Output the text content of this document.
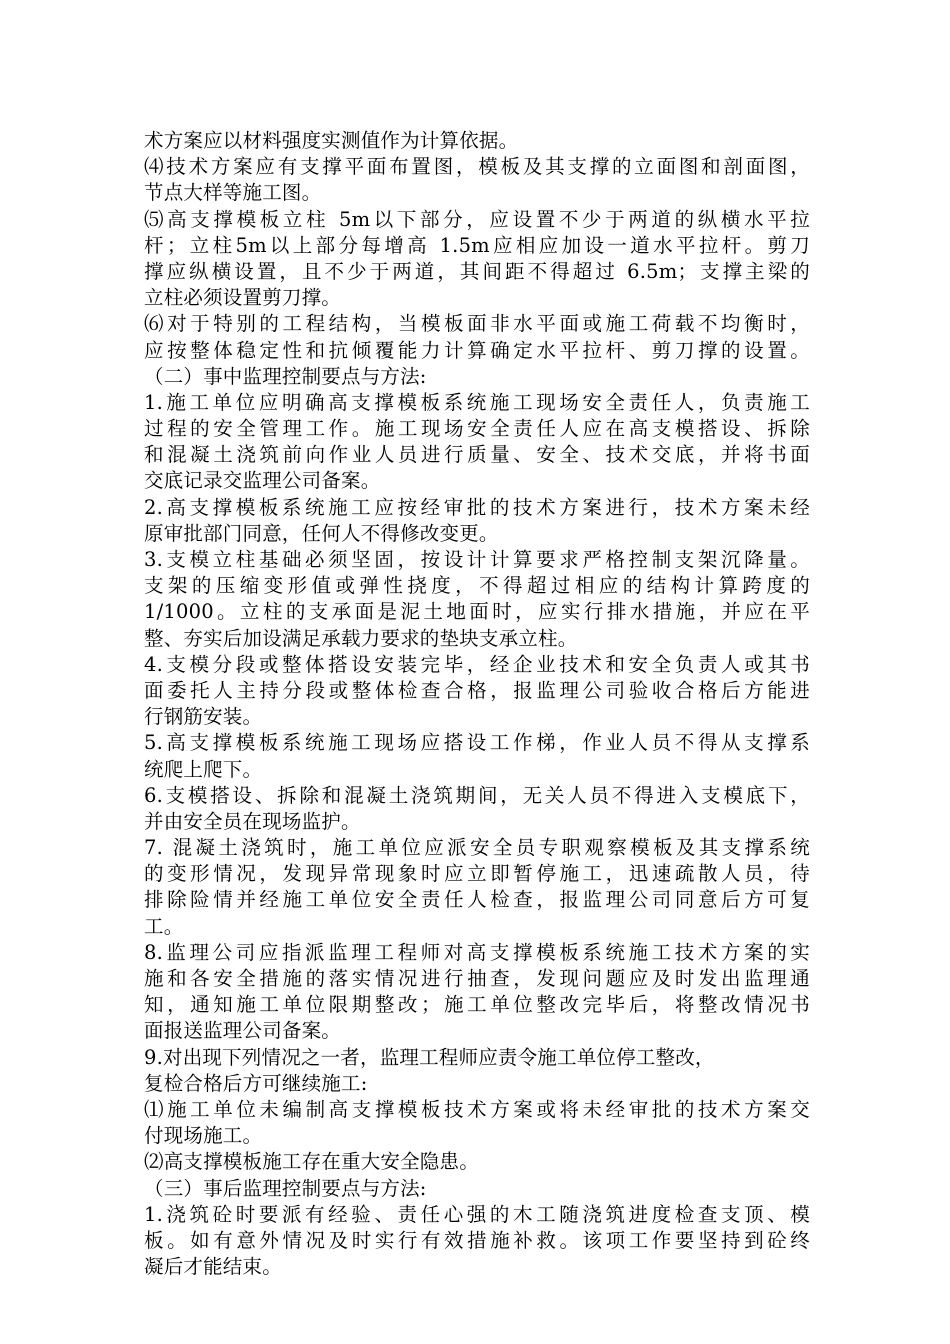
术方案应以材料强度实测值作为计算依据。
⑷技术方案应有支撑平面布置图，模板及其支撑的立面图和剖面图，
节点大样等施工图。
⑸高支撑模板立柱 5m以下部分，应设置不少于两道的纵横水平拉
杆；立柱5m以上部分每增高 1.5m应相应加设一道水平拉杆。剪刀
撑应纵横设置，且不少于两道，其间距不得超过 6.5m；支撑主梁的
立柱必须设置剪刀撑。
⑹对于特别的工程结构，当模板面非水平面或施工荷载不均衡时，
应按整体稳定性和抗倾覆能力计算确定水平拉杆、剪刀撑的设置。
（二）事中监理控制要点与方法:
1.施工单位应明确高支撑模板系统施工现场安全责任人，负责施工
过程的安全管理工作。施工现场安全责任人应在高支模搭设、拆除
和混凝土浇筑前向作业人员进行质量、安全、技术交底，并将书面
交底记录交监理公司备案。
2.高支撑模板系统施工应按经审批的技术方案进行，技术方案未经
原审批部门同意，任何人不得修改变更。
3.支模立柱基础必须坚固，按设计计算要求严格控制支架沉降量。
支架的压缩变形值或弹性挠度，不得超过相应的结构计算跨度的
1/1000。立柱的支承面是泥土地面时，应实行排水措施，并应在平
整、夯实后加设满足承载力要求的垫块支承立柱。
4.支模分段或整体搭设安装完毕，经企业技术和安全负责人或其书
面委托人主持分段或整体检查合格，报监理公司验收合格后方能进
行钢筋安装。
5.高支撑模板系统施工现场应搭设工作梯，作业人员不得从支撑系
统爬上爬下。
6.支模搭设、拆除和混凝土浇筑期间，无关人员不得进入支模底下，
并由安全员在现场监护。
7. 混凝土浇筑时，施工单位应派安全员专职观察模板及其支撑系统
的变形情况，发现异常现象时应立即暂停施工，迅速疏散人员，待
排除险情并经施工单位安全责任人检查，报监理公司同意后方可复
工。
8.监理公司应指派监理工程师对高支撑模板系统施工技术方案的实
施和各安全措施的落实情况进行抽查，发现问题应及时发出监理通
知，通知施工单位限期整改；施工单位整改完毕后，将整改情况书
面报送监理公司备案。
9.对出现下列情况之一者，监理工程师应责令施工单位停工整改，
复检合格后方可继续施工:
⑴施工单位未编制高支撑模板技术方案或将未经审批的技术方案交
付现场施工。
⑵高支撑模板施工存在重大安全隐患。
（三）事后监理控制要点与方法:
1.浇筑砼时要派有经验、责任心强的木工随浇筑进度检查支顶、模
板。如有意外情况及时实行有效措施补救。该项工作要坚持到砼终
凝后才能结束。
